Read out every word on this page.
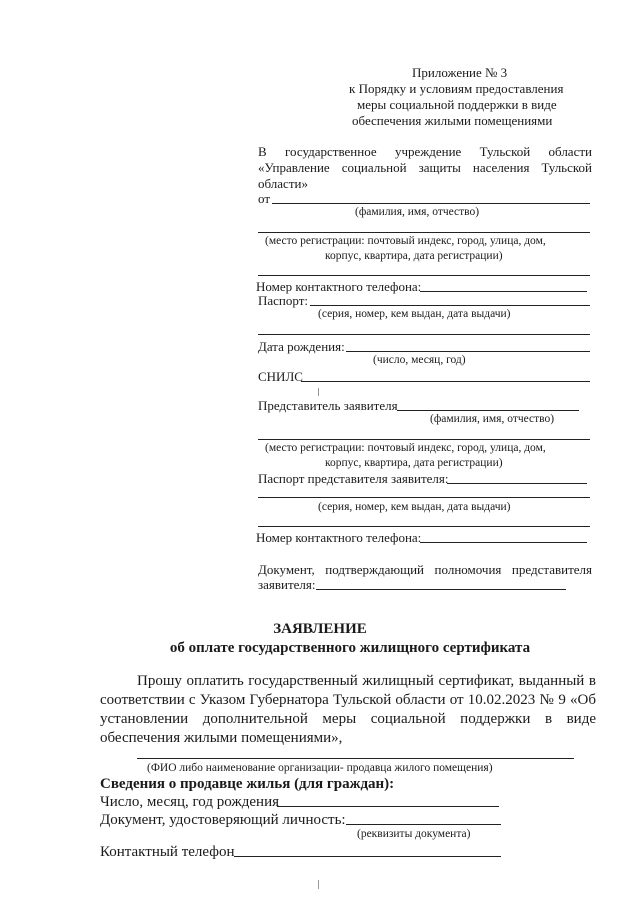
Приложение № 3
к Порядку и условиям предоставления
меры социальной поддержки в виде
обеспечения жилыми помещениями
В государственное учреждение Тульской области
«Управление социальной защиты населения Тульской
области»
от
(фамилия, имя, отчество)
(место регистрации: почтовый индекс, город, улица, дом,
корпус, квартира, дата регистрации)
Номер контактного телефона:
Паспорт:
(серия, номер, кем выдан, дата выдачи)
Дата рождения:
(число, месяц, год)
СНИЛС
Представитель заявителя
(фамилия, имя, отчество)
(место регистрации: почтовый индекс, город, улица, дом,
корпус, квартира, дата регистрации)
Паспорт представителя заявителя:
(серия, номер, кем выдан, дата выдачи)
Номер контактного телефона:
Документ, подтверждающий полномочия представителя
заявителя:
ЗАЯВЛЕНИЕ
об оплате государственного жилищного сертификата
Прошу оплатить государственный жилищный сертификат, выданный в
соответствии с Указом Губернатора Тульской области от 10.02.2023 № 9 «Об
установлении дополнительной меры социальной поддержки в виде
обеспечения жилыми помещениями»,
(ФИО либо наименование организации- продавца жилого помещения)
Сведения о продавце жилья (для граждан):
Число, месяц, год рождения
Документ, удостоверяющий личность:
(реквизиты документа)
Контактный телефон
